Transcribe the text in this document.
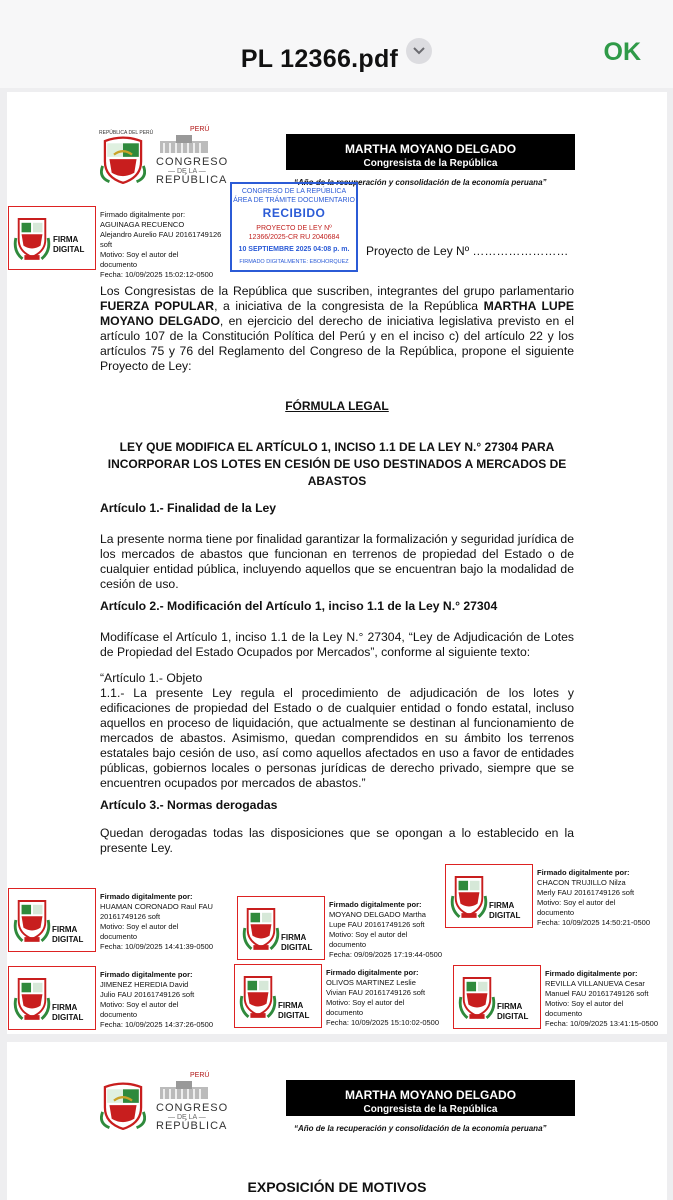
PL 12366.pdf	OK
REPÚBLICA DEL PERÚ	PERÚ
CONGRESO
— DE LA —
REPÚBLICA
MARTHA MOYANO DELGADO
Congresista de la República
“Año de la recuperación y consolidación de la economía peruana”
FIRMA
DIGITAL
Firmado digitalmente por:
AGUINAGA RECUENCO
Alejandro Aurelio FAU 20161749126
soft
Motivo: Soy el autor del
documento
Fecha: 10/09/2025 15:02:12-0500
CONGRESO DE LA REPÚBLICA
ÁREA DE TRÁMITE DOCUMENTARIO
RECIBIDO
PROYECTO DE LEY Nº
12366/2025-CR RU 2040684
10 SEPTIEMBRE 2025 04:08 p. m.
FIRMADO DIGITALMENTE: EBOHORQUEZ
Proyecto de Ley Nº ……………………
Los Congresistas de la República que suscriben, integrantes del grupo parlamentario FUERZA POPULAR, a iniciativa de la congresista de la República MARTHA LUPE MOYANO DELGADO, en ejercicio del derecho de iniciativa legislativa previsto en el artículo 107 de la Constitución Política del Perú y en el inciso c) del artículo 22 y los artículos 75 y 76 del Reglamento del Congreso de la República, propone el siguiente Proyecto de Ley:
FÓRMULA LEGAL
LEY QUE MODIFICA EL ARTÍCULO 1, INCISO 1.1 DE LA LEY N.° 27304 PARA
INCORPORAR LOS LOTES EN CESIÓN DE USO DESTINADOS A MERCADOS DE
ABASTOS
Artículo 1.- Finalidad de la Ley
La presente norma tiene por finalidad garantizar la formalización y seguridad jurídica de los mercados de abastos que funcionan en terrenos de propiedad del Estado o de cualquier entidad pública, incluyendo aquellos que se encuentran bajo la modalidad de cesión de uso.
Artículo 2.- Modificación del Artículo 1, inciso 1.1 de la Ley N.° 27304
Modifícase el Artículo 1, inciso 1.1 de la Ley N.° 27304, “Ley de Adjudicación de Lotes de Propiedad del Estado Ocupados por Mercados”, conforme al siguiente texto:
“Artículo 1.- Objeto
1.1.- La presente Ley regula el procedimiento de adjudicación de los lotes y edificaciones de propiedad del Estado o de cualquier entidad o fondo estatal, incluso aquellos en proceso de liquidación, que actualmente se destinan al funcionamiento de mercados de abastos. Asimismo, quedan comprendidos en su ámbito los terrenos estatales bajo cesión de uso, así como aquellos afectados en uso a favor de entidades públicas, gobiernos locales o personas jurídicas de derecho privado, siempre que se encuentren ocupados por mercados de abastos.”
Artículo 3.- Normas derogadas
Quedan derogadas todas las disposiciones que se opongan a lo establecido en la presente Ley.
FIRMA
DIGITAL
Firmado digitalmente por:
CHACON TRUJILLO Nilza
Merly FAU 20161749126 soft
Motivo: Soy el autor del
documento
Fecha: 10/09/2025 14:50:21-0500
FIRMA
DIGITAL
Firmado digitalmente por:
HUAMAN CORONADO Raul FAU
20161749126 soft
Motivo: Soy el autor del
documento
Fecha: 10/09/2025 14:41:39-0500
FIRMA
DIGITAL
Firmado digitalmente por:
MOYANO DELGADO Martha
Lupe FAU 20161749126 soft
Motivo: Soy el autor del
documento
Fecha: 09/09/2025 17:19:44-0500
FIRMA
DIGITAL
Firmado digitalmente por:
JIMENEZ HEREDIA David
Julio FAU 20161749126 soft
Motivo: Soy el autor del
documento
Fecha: 10/09/2025 14:37:26-0500
FIRMA
DIGITAL
Firmado digitalmente por:
OLIVOS MARTINEZ Leslie
Vivian FAU 20161749126 soft
Motivo: Soy el autor del
documento
Fecha: 10/09/2025 15:10:02-0500
FIRMA
DIGITAL
Firmado digitalmente por:
REVILLA VILLANUEVA Cesar
Manuel FAU 20161749126 soft
Motivo: Soy el autor del
documento
Fecha: 10/09/2025 13:41:15-0500
PERÚ
CONGRESO
— DE LA —
REPÚBLICA
MARTHA MOYANO DELGADO
Congresista de la República
“Año de la recuperación y consolidación de la economía peruana”
EXPOSICIÓN DE MOTIVOS
